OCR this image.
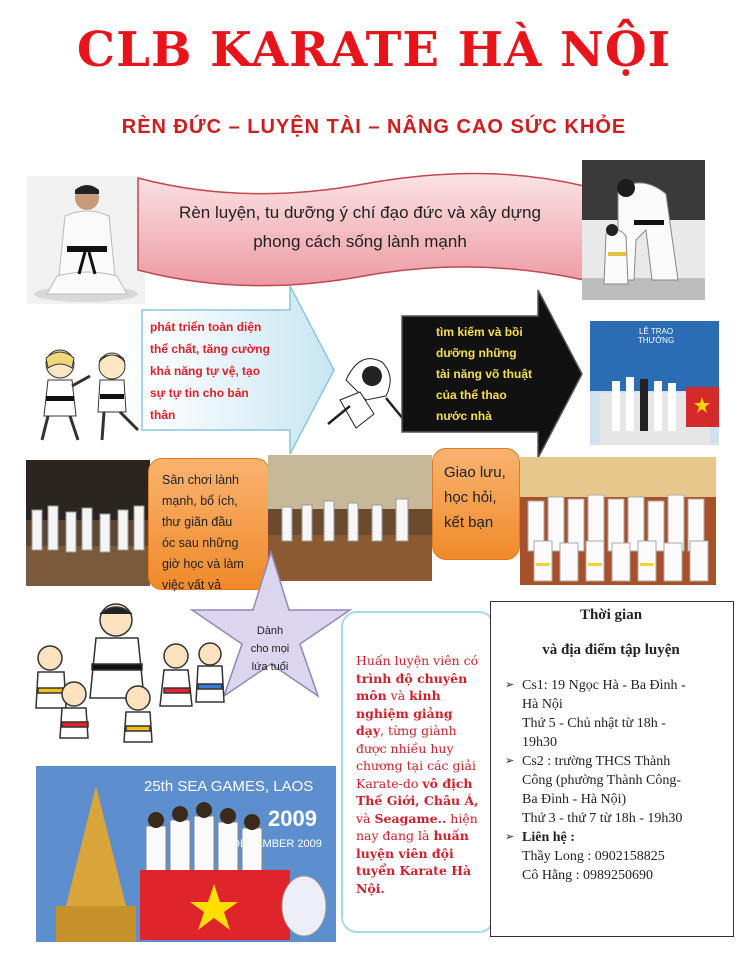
CLB KARATE HÀ NỘI
RÈN ĐỨC – LUYỆN TÀI – NÂNG CAO SỨC KHỎE
Rèn luyện, tu dưỡng ý chí đạo đức và xây dựng
phong cách sống lành mạnh
phát triển toàn diện
thể chất, tăng cường
khả năng tự vệ, tạo
sự tự tin cho bản
thân
tìm kiếm và bồi
dưỡng những
tài năng võ thuật
của thể thao
nước nhà
LỄ TRAO THƯỞNG
Sân chơi lành
mạnh, bổ ích,
thư giãn đầu
óc sau những
giờ học và làm
việc vất vả
Giao lưu,
học hỏi,
kết bạn
Dành
cho mọi
lứa tuổi
25th SEA GAMES, LAOS
2009
DECEMBER 2009
Huấn luyện viên có trình độ chuyên môn và kinh nghiệm giảng dạy, từng giành được nhiều huy chương tại các giải Karate-do vô địch Thế Giới, Châu Á, và Seagame.. hiện nay đang là huấn luyện viên đội tuyển Karate Hà Nội.
Thời gian
và địa điểm tập luyện
➢ Cs1: 19 Ngọc Hà - Ba Đình -
Hà Nội
Thứ 5 - Chủ nhật từ 18h -
19h30
➢ Cs2 : trường THCS Thành
Công (phường Thành Công-
Ba Đình - Hà Nội)
Thứ 3 - thứ 7 từ 18h - 19h30
➢ Liên hệ :
Thầy Long : 0902158825
Cô Hằng : 0989250690
